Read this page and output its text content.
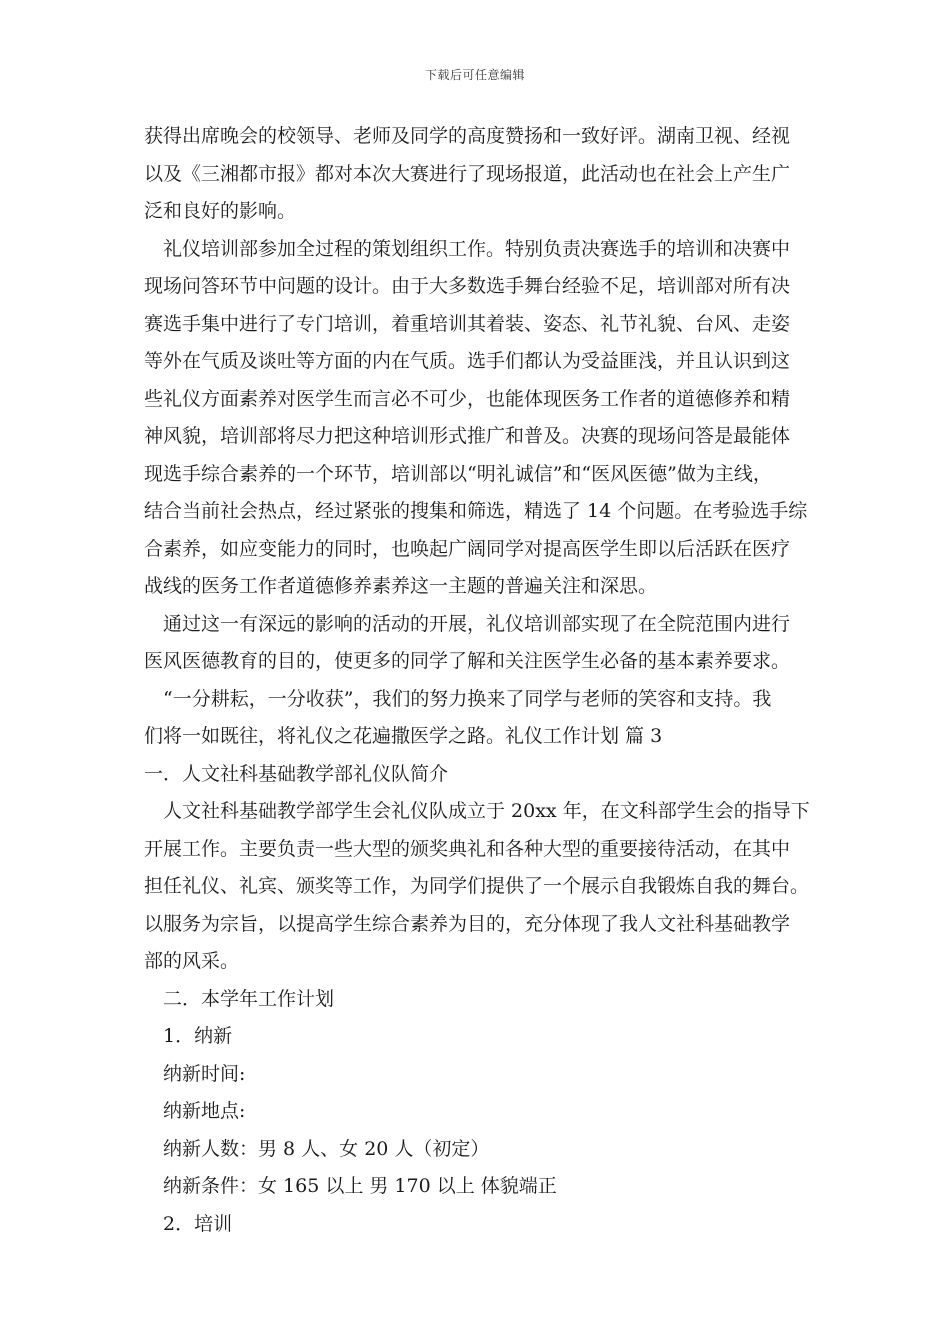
下载后可任意编辑
获得出席晚会的校领导、老师及同学的高度赞扬和一致好评。湖南卫视、经视
以及《三湘都市报》都对本次大赛进行了现场报道，此活动也在社会上产生广
泛和良好的影响。
　礼仪培训部参加全过程的策划组织工作。特别负责决赛选手的培训和决赛中
现场问答环节中问题的设计。由于大多数选手舞台经验不足，培训部对所有决
赛选手集中进行了专门培训，着重培训其着装、姿态、礼节礼貌、台风、走姿
等外在气质及谈吐等方面的内在气质。选手们都认为受益匪浅，并且认识到这
些礼仪方面素养对医学生而言必不可少，也能体现医务工作者的道德修养和精
神风貌，培训部将尽力把这种培训形式推广和普及。决赛的现场问答是最能体
现选手综合素养的一个环节，培训部以“明礼诚信”和“医风医德”做为主线，
结合当前社会热点，经过紧张的搜集和筛选，精选了 14 个问题。在考验选手综
合素养，如应变能力的同时，也唤起广阔同学对提高医学生即以后活跃在医疗
战线的医务工作者道德修养素养这一主题的普遍关注和深思。
　通过这一有深远的影响的活动的开展，礼仪培训部实现了在全院范围内进行
医风医德教育的目的，使更多的同学了解和关注医学生必备的基本素养要求。
　“一分耕耘，一分收获”，我们的努力换来了同学与老师的笑容和支持。我
们将一如既往，将礼仪之花遍撒医学之路。礼仪工作计划 篇 3
一．人文社科基础教学部礼仪队简介
　人文社科基础教学部学生会礼仪队成立于 20xx 年，在文科部学生会的指导下
开展工作。主要负责一些大型的颁奖典礼和各种大型的重要接待活动，在其中
担任礼仪、礼宾、颁奖等工作，为同学们提供了一个展示自我锻炼自我的舞台。
以服务为宗旨，以提高学生综合素养为目的，充分体现了我人文社科基础教学
部的风采。
　二．本学年工作计划
　1．纳新
　纳新时间:
　纳新地点:
　纳新人数：男 8 人、女 20 人（初定）
　纳新条件：女 165 以上 男 170 以上 体貌端正
　2．培训
